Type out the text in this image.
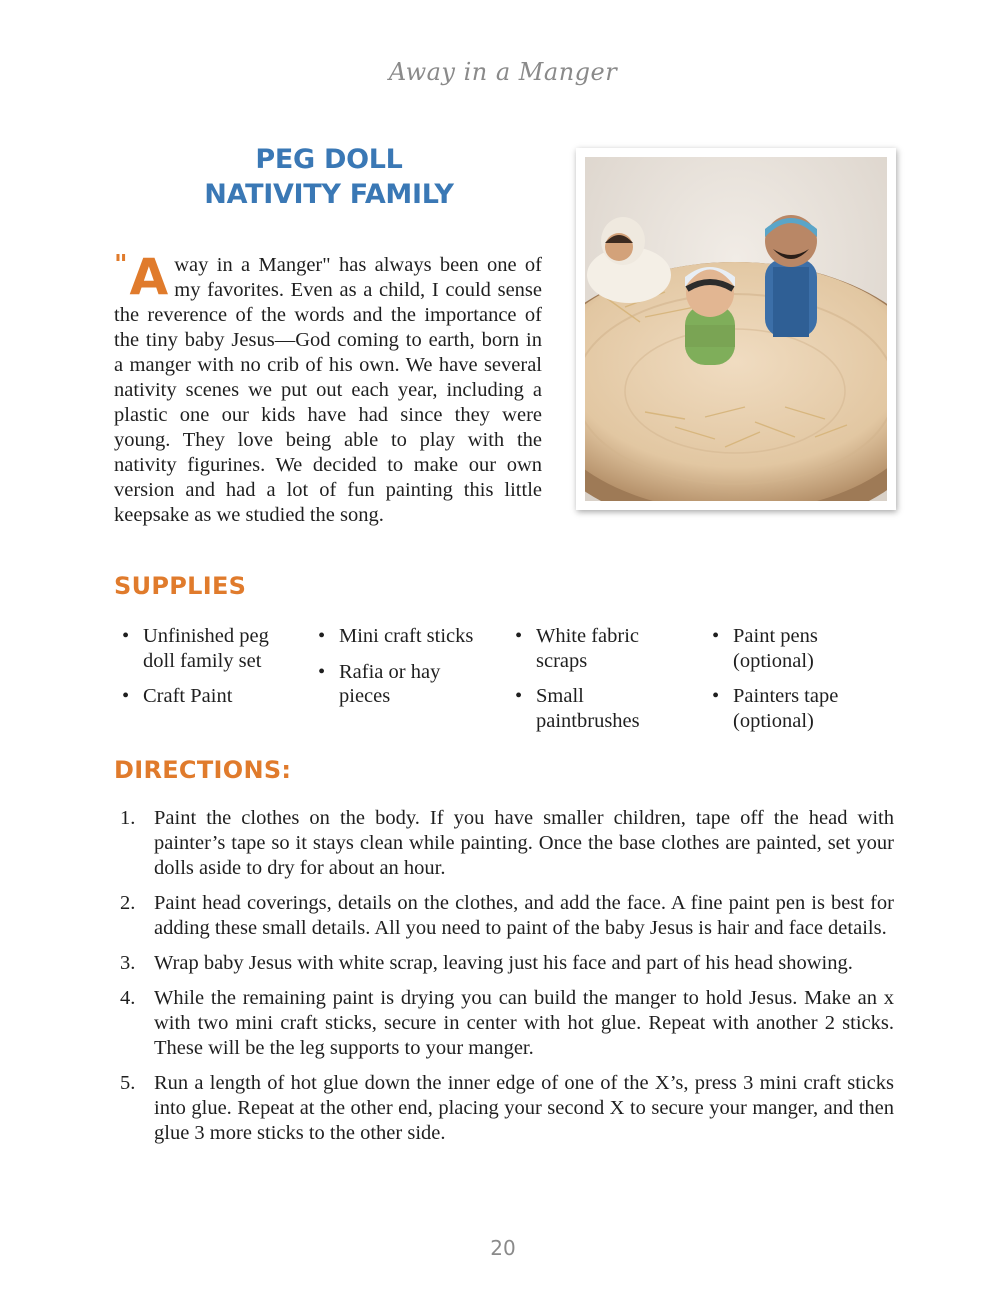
Away in a Manger
PEG DOLL
NATIVITY FAMILY
" A way in a Manger" has always been one of my favorites. Even as a child, I could sense the reverence of the words and the importance of the tiny baby Jesus—God coming to earth, born in a manger with no crib of his own. We have several nativity scenes we put out each year, including a plastic one our kids have had since they were young. They love being able to play with the nativity figurines. We decided to make our own version and had a lot of fun painting this little keepsake as we studied the song.
SUPPLIES
• Unfinished peg doll family set
• Craft Paint
• Mini craft sticks
• Rafia or hay pieces
• White fabric scraps
• Small paintbrushes
• Paint pens (optional)
• Painters tape (optional)
DIRECTIONS:
1. Paint the clothes on the body. If you have smaller children, tape off the head with painter’s tape so it stays clean while painting. Once the base clothes are painted, set your dolls aside to dry for about an hour.
2. Paint head coverings, details on the clothes, and add the face. A fine paint pen is best for adding these small details. All you need to paint of the baby Jesus is hair and face details.
3. Wrap baby Jesus with white scrap, leaving just his face and part of his head showing.
4. While the remaining paint is drying you can build the manger to hold Jesus. Make an x with two mini craft sticks, secure in center with hot glue. Repeat with another 2 sticks. These will be the leg supports to your manger.
5. Run a length of hot glue down the inner edge of one of the X’s, press 3 mini craft sticks into glue. Repeat at the other end, placing your second X to secure your manger, and then glue 3 more sticks to the other side.
20
